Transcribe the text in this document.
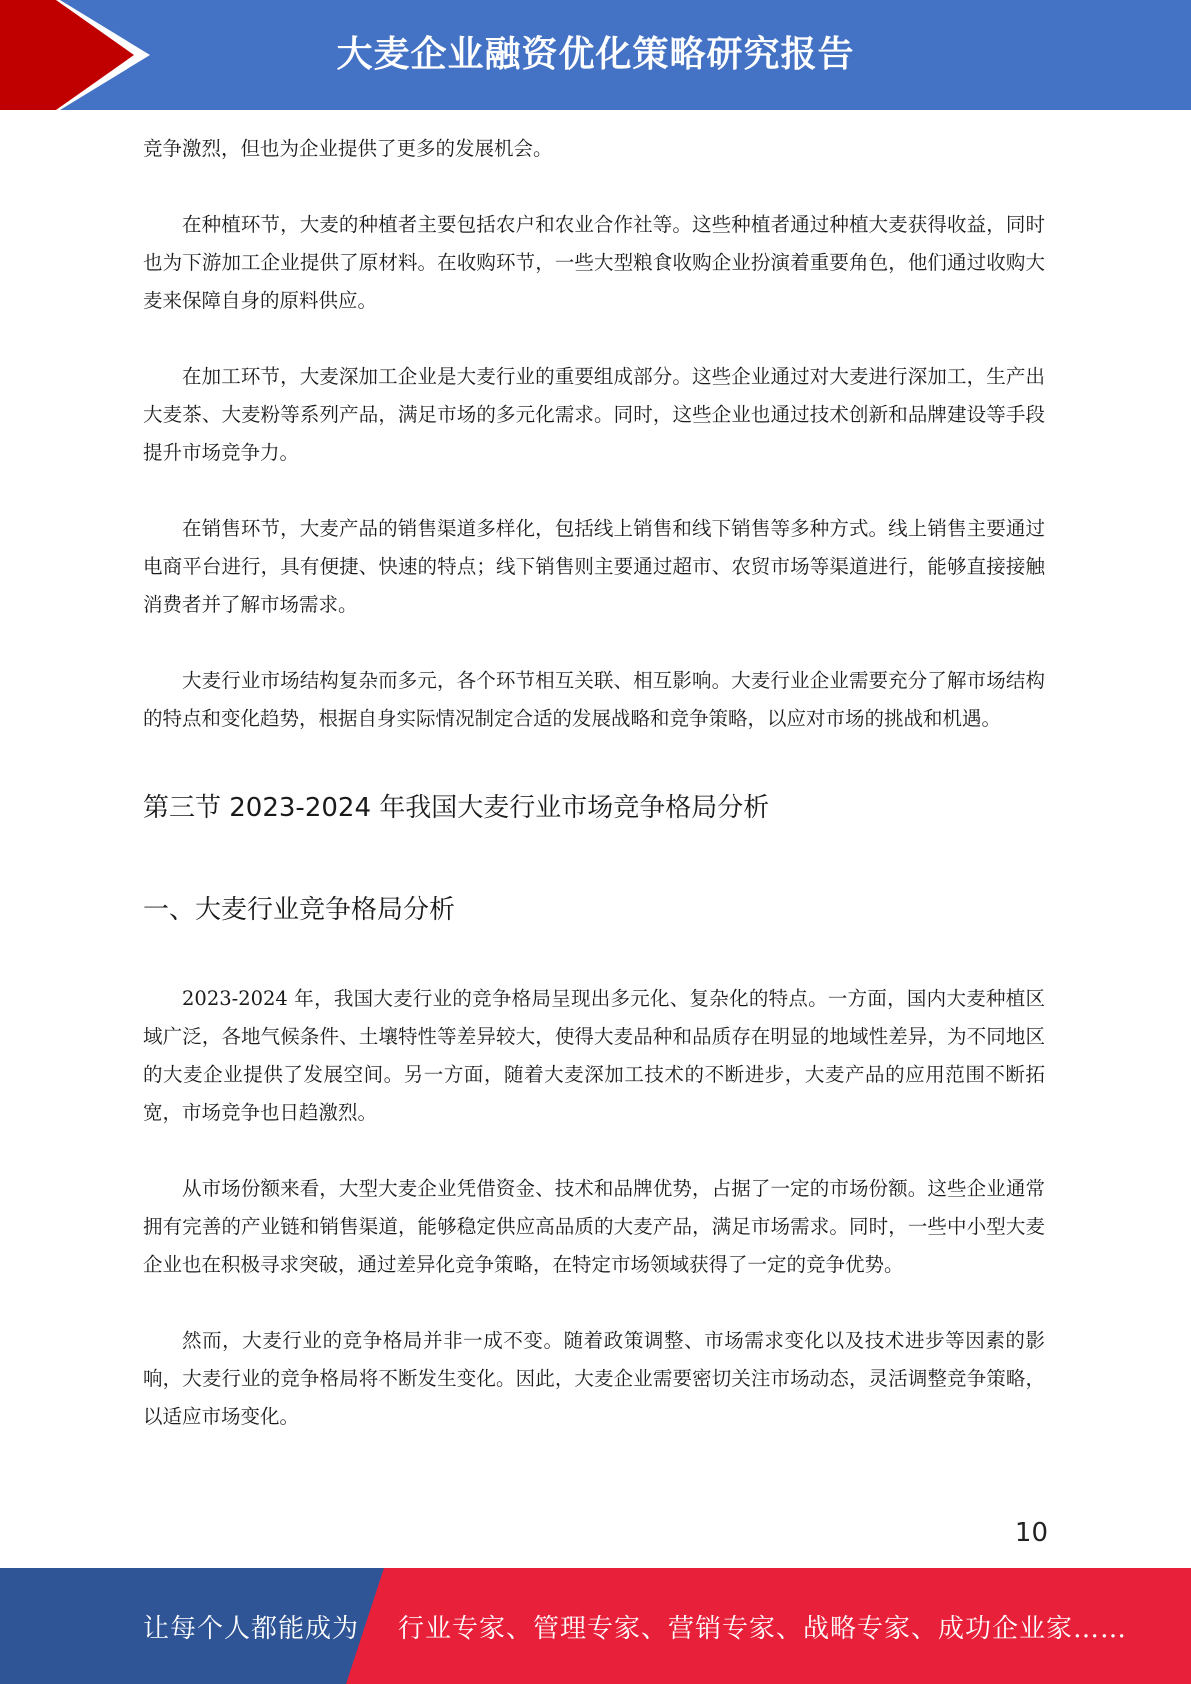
大麦企业融资优化策略研究报告

竞争激烈，但也为企业提供了更多的发展机会。

在种植环节，大麦的种植者主要包括农户和农业合作社等。这些种植者通过种植大麦获得收益，同时也为下游加工企业提供了原材料。在收购环节，一些大型粮食收购企业扮演着重要角色，他们通过收购大麦来保障自身的原料供应。

在加工环节，大麦深加工企业是大麦行业的重要组成部分。这些企业通过对大麦进行深加工，生产出大麦茶、大麦粉等系列产品，满足市场的多元化需求。同时，这些企业也通过技术创新和品牌建设等手段提升市场竞争力。

在销售环节，大麦产品的销售渠道多样化，包括线上销售和线下销售等多种方式。线上销售主要通过电商平台进行，具有便捷、快速的特点；线下销售则主要通过超市、农贸市场等渠道进行，能够直接接触消费者并了解市场需求。

大麦行业市场结构复杂而多元，各个环节相互关联、相互影响。大麦行业企业需要充分了解市场结构的特点和变化趋势，根据自身实际情况制定合适的发展战略和竞争策略，以应对市场的挑战和机遇。

第三节 2023-2024 年我国大麦行业市场竞争格局分析
一、大麦行业竞争格局分析

2023-2024 年，我国大麦行业的竞争格局呈现出多元化、复杂化的特点。一方面，国内大麦种植区域广泛，各地气候条件、土壤特性等差异较大，使得大麦品种和品质存在明显的地域性差异，为不同地区的大麦企业提供了发展空间。另一方面，随着大麦深加工技术的不断进步，大麦产品的应用范围不断拓宽，市场竞争也日趋激烈。

从市场份额来看，大型大麦企业凭借资金、技术和品牌优势，占据了一定的市场份额。这些企业通常拥有完善的产业链和销售渠道，能够稳定供应高品质的大麦产品，满足市场需求。同时，一些中小型大麦企业也在积极寻求突破，通过差异化竞争策略，在特定市场领域获得了一定的竞争优势。

然而，大麦行业的竞争格局并非一成不变。随着政策调整、市场需求变化以及技术进步等因素的影响，大麦行业的竞争格局将不断发生变化。因此，大麦企业需要密切关注市场动态，灵活调整竞争策略，以适应市场变化。

10
让每个人都能成为 行业专家、管理专家、营销专家、战略专家、成功企业家……
